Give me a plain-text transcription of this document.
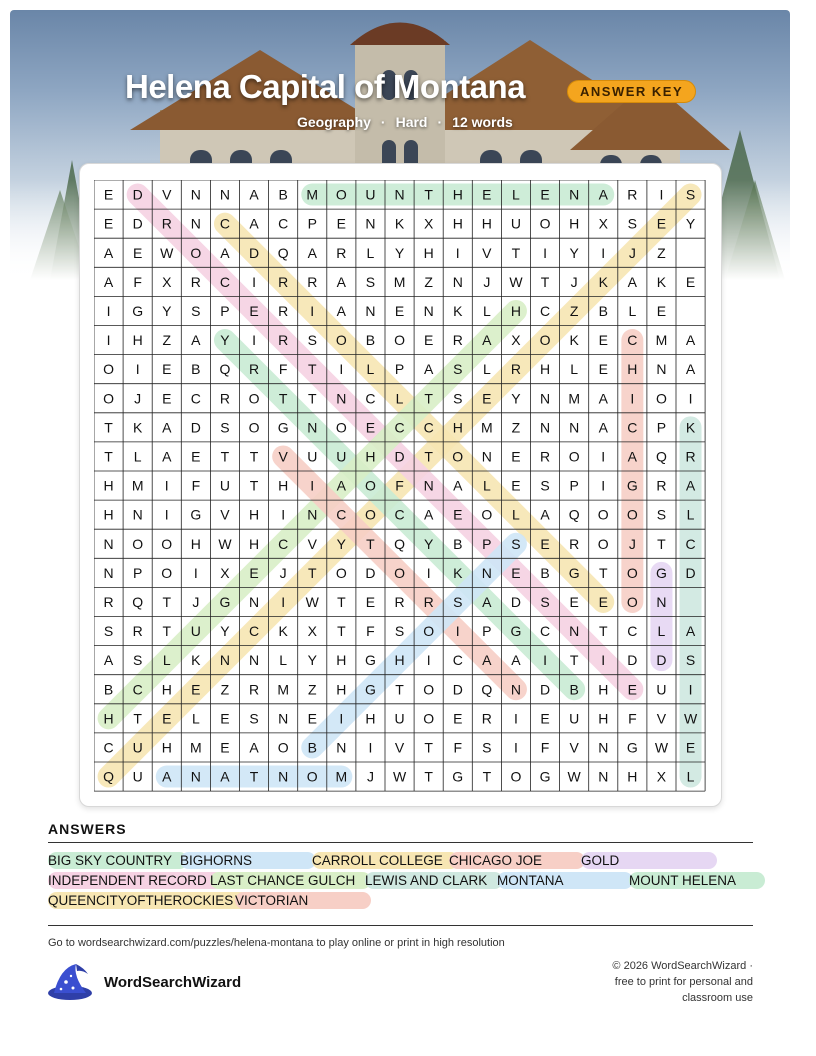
Helena Capital of Montana	ANSWER KEY
Geography · Hard · 12 words
E D V N N A B M O U N T H E L E N A R I S
E D R N C A C P E N K X H H U O H X S E Y
A E W O A D Q A R L Y H I V T I Y I J Z
A F X R C I R R A S M Z N J W T J K A K E
I G Y S P E R I A N E N K L H C Z B L E
I H Z A Y I R S O B O E R A X O K E C M A
O I E B Q R F T I L P A S L R H L E H N A
O J E C R O T T N C L T S E Y N M A I O I
T K A D S O G N O E C C H M Z N N A C P K
T L A E T T V U U H D T O N E R O I A Q R
H M I F U T H I A O F N A L E S P I G R A
H N I G V H I N C O C A E O L A Q O O S L
N O O H W H C V Y T Q Y B P S E R O J T C
N P O I X E J T O D O I K N E B G T O G D
R Q T J G N I W T E R R S A D S E E O N
S R T U Y C K X T F S O I P G C N T C L A
A S L K N N L Y H G H I C A A I T I D D S
B C H E Z R M Z H G T O D Q N D B H E U I
H T E L E S N E I H U O E R I E U H F V W
C U H M E A O B N I V T F S I F V N G W E
Q U A N A T N O M J W T G T O G W N H X L
ANSWERS
BIG SKY COUNTRY BIGHORNS	CARROLL COLLEGE CHICAGO JOE	GOLD
INDEPENDENT RECORD LAST CHANCE GULCH LEWIS AND CLARK MONTANA	MOUNT HELENA
QUEENCITYOFTHEROCKIES VICTORIAN
Go to wordsearchwizard.com/puzzles/helena-montana to play online or print in high resolution
WordSearchWizard
© 2026 WordSearchWizard ·
free to print for personal and
classroom use
